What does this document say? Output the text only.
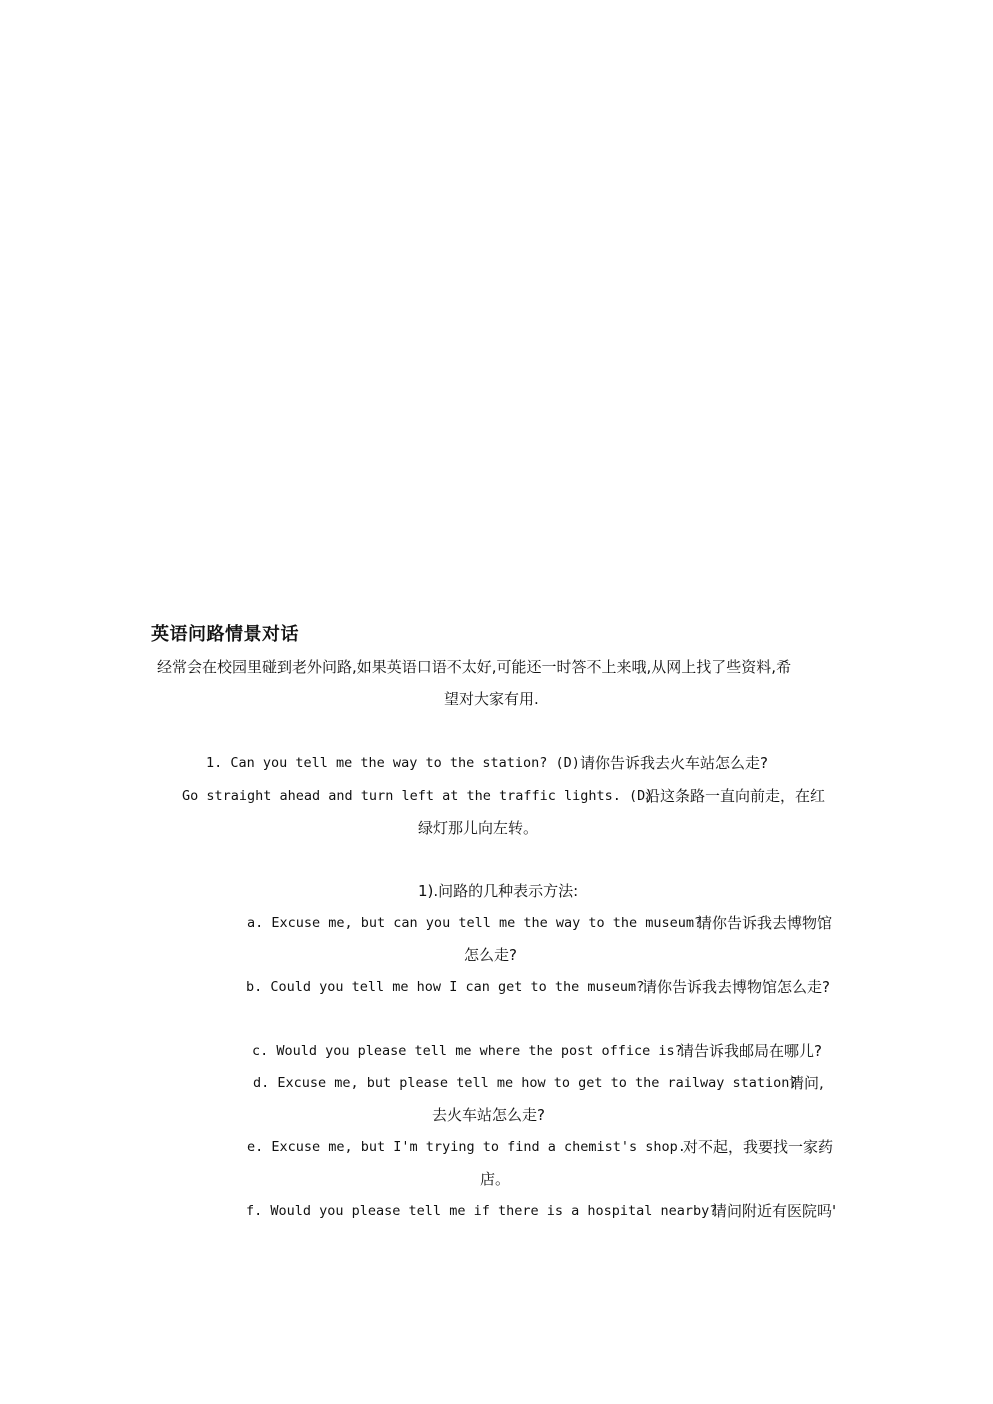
英语问路情景对话
经常会在校园里碰到老外问路,如果英语口语不太好,可能还一时答不上来哦,从网上找了些资料,希
望对大家有用.
1. Can you tell me the way to the station? (D) 请你告诉我去火车站怎么走?
Go straight ahead and turn left at the traffic lights. (D)
沿这条路一直向前走，在红
绿灯那儿向左转。
1).问路的几种表示方法:
a. Excuse me, but can you tell me the way to the museum?
请你告诉我去博物馆
怎么走?
b. Could you tell me how I can get to the museum?
请你告诉我去博物馆怎么走?
c. Would you please tell me where the post office is?
请告诉我邮局在哪儿?
d. Excuse me, but please tell me how to get to the railway station?
请问,
去火车站怎么走?
e. Excuse me, but I'm trying to find a chemist's shop.
对不起，我要找一家药
店。
f. Would you please tell me if there is a hospital nearby?
请问附近有医院吗'
